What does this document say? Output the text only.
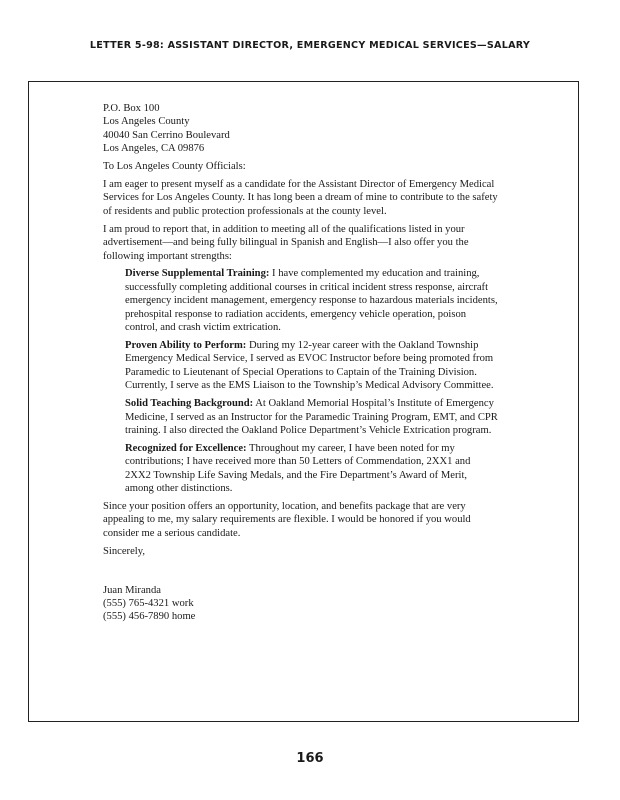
LETTER 5-98: ASSISTANT DIRECTOR, EMERGENCY MEDICAL SERVICES—SALARY

P.O. Box 100
Los Angeles County
40040 San Cerrino Boulevard
Los Angeles, CA 09876

To Los Angeles County Officials:

I am eager to present myself as a candidate for the Assistant Director of Emergency Medical Services for Los Angeles County. It has long been a dream of mine to contribute to the safety of residents and public protection professionals at the county level.

I am proud to report that, in addition to meeting all of the qualifications listed in your advertisement—and being fully bilingual in Spanish and English—I also offer you the following important strengths:

Diverse Supplemental Training: I have complemented my education and training, successfully completing additional courses in critical incident stress response, aircraft emergency incident management, emergency response to hazardous materials incidents, prehospital response to radiation accidents, emergency vehicle operation, poison control, and crash victim extrication.

Proven Ability to Perform: During my 12-year career with the Oakland Township Emergency Medical Service, I served as EVOC Instructor before being promoted from Paramedic to Lieutenant of Special Operations to Captain of the Training Division. Currently, I serve as the EMS Liaison to the Township’s Medical Advisory Committee.

Solid Teaching Background: At Oakland Memorial Hospital’s Institute of Emergency Medicine, I served as an Instructor for the Paramedic Training Program, EMT, and CPR training. I also directed the Oakland Police Department’s Vehicle Extrication program.

Recognized for Excellence: Throughout my career, I have been noted for my contributions; I have received more than 50 Letters of Commendation, 2XX1 and 2XX2 Township Life Saving Medals, and the Fire Department’s Award of Merit, among other distinctions.

Since your position offers an opportunity, location, and benefits package that are very appealing to me, my salary requirements are flexible. I would be honored if you would consider me a serious candidate.

Sincerely,

Juan Miranda
(555) 765-4321 work
(555) 456-7890 home

166
